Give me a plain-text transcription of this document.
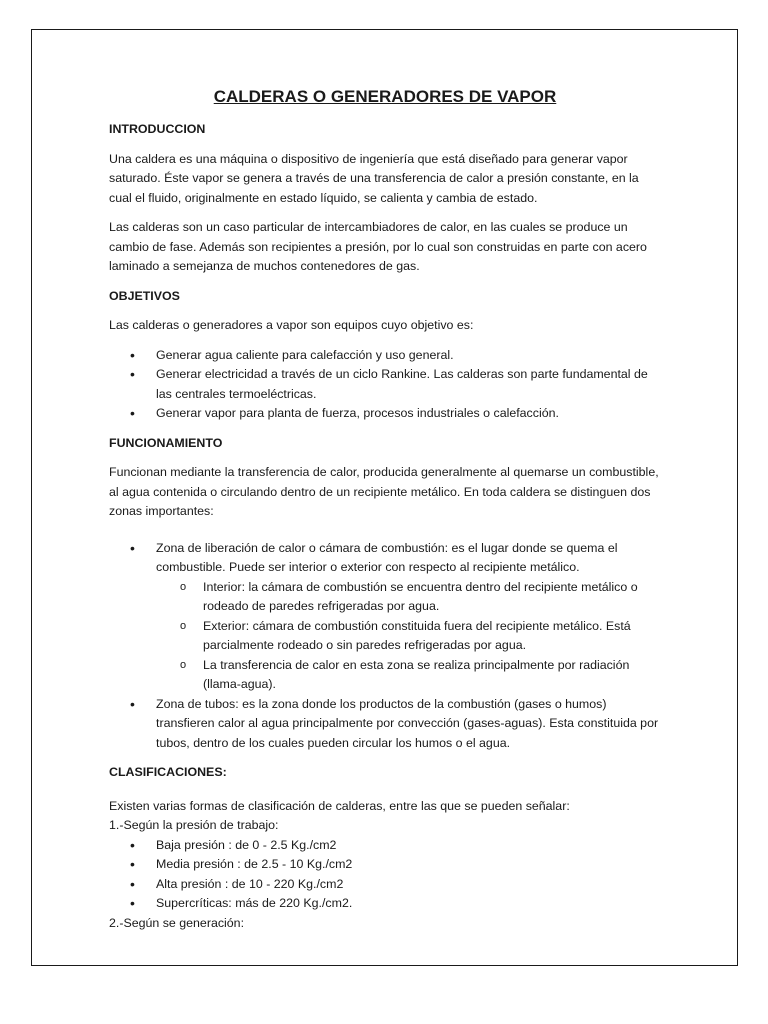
CALDERAS O GENERADORES DE VAPOR
INTRODUCCION

Una caldera es una máquina o dispositivo de ingeniería que está diseñado para generar vapor saturado. Éste vapor se genera a través de una transferencia de calor a presión constante, en la cual el fluido, originalmente en estado líquido, se calienta y cambia de estado.

Las calderas son un caso particular de intercambiadores de calor, en las cuales se produce un cambio de fase. Además son recipientes a presión, por lo cual son construidas en parte con acero laminado a semejanza de muchos contenedores de gas.

OBJETIVOS

Las calderas o generadores a vapor son equipos cuyo objetivo es:

• Generar agua caliente para calefacción y uso general.
• Generar electricidad a través de un ciclo Rankine. Las calderas son parte fundamental de las centrales termoeléctricas.
• Generar vapor para planta de fuerza, procesos industriales o calefacción.
FUNCIONAMIENTO

Funcionan mediante la transferencia de calor, producida generalmente al quemarse un combustible, al agua contenida o circulando dentro de un recipiente metálico. En toda caldera se distinguen dos zonas importantes:

• Zona de liberación de calor o cámara de combustión: es el lugar donde se quema el combustible. Puede ser interior o exterior con respecto al recipiente metálico.
o Interior: la cámara de combustión se encuentra dentro del recipiente metálico o rodeado de paredes refrigeradas por agua.
o Exterior: cámara de combustión constituida fuera del recipiente metálico. Está parcialmente rodeado o sin paredes refrigeradas por agua.
o La transferencia de calor en esta zona se realiza principalmente por radiación (llama-agua).
• Zona de tubos: es la zona donde los productos de la combustión (gases o humos) transfieren calor al agua principalmente por convección (gases-aguas). Esta constituida por tubos, dentro de los cuales pueden circular los humos o el agua.
CLASIFICACIONES:

Existen varias formas de clasificación de calderas, entre las que se pueden señalar:

1.-Según la presión de trabajo:

• Baja presión : de 0 - 2.5 Kg./cm2
• Media presión : de 2.5 - 10 Kg./cm2
• Alta presión : de 10 - 220 Kg./cm2
• Supercríticas: más de 220 Kg./cm2.

2.-Según se generación:
